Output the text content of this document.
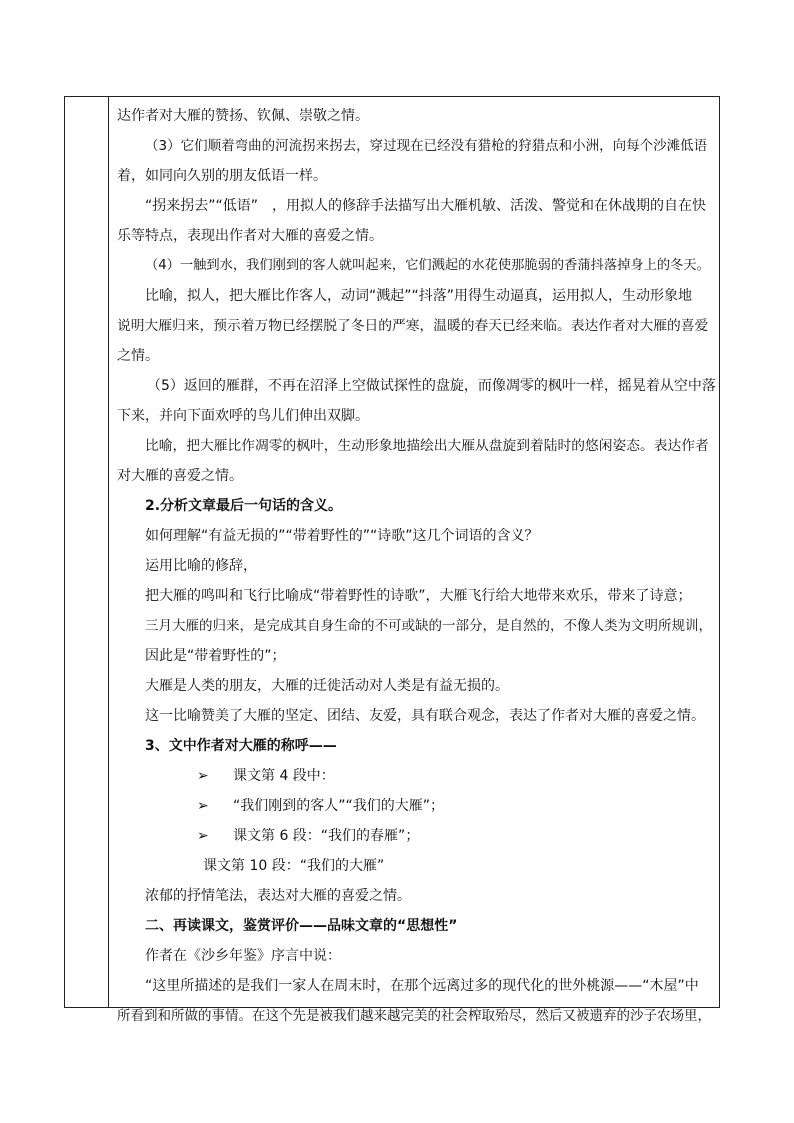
达作者对大雁的赞扬、钦佩、崇敬之情。

（3）它们顺着弯曲的河流拐来拐去，穿过现在已经没有猎枪的狩猎点和小洲，向每个沙滩低语

着，如同向久别的朋友低语一样。

“拐来拐去”“低语”　，用拟人的修辞手法描写出大雁机敏、活泼、警觉和在休战期的自在快

乐等特点，表现出作者对大雁的喜爱之情。

（4）一触到水，我们刚到的客人就叫起来，它们溅起的水花使那脆弱的香蒲抖落掉身上的冬天。

比喻，拟人，把大雁比作客人，动词“溅起”“抖落”用得生动逼真，运用拟人，生动形象地

说明大雁归来，预示着万物已经摆脱了冬日的严寒，温暖的春天已经来临。表达作者对大雁的喜爱

之情。

（5）返回的雁群，不再在沼泽上空做试探性的盘旋，而像凋零的枫叶一样，摇晃着从空中落

下来，并向下面欢呼的鸟儿们伸出双脚。

比喻，把大雁比作凋零的枫叶，生动形象地描绘出大雁从盘旋到着陆时的悠闲姿态。表达作者

对大雁的喜爱之情。

2.分析文章最后一句话的含义。

如何理解“有益无损的”“带着野性的”“诗歌”这几个词语的含义？

运用比喻的修辞，

把大雁的鸣叫和飞行比喻成“带着野性的诗歌”，大雁飞行给大地带来欢乐，带来了诗意；

三月大雁的归来，是完成其自身生命的不可或缺的一部分，是自然的，不像人类为文明所规训，

因此是“带着野性的”；

大雁是人类的朋友，大雁的迁徙活动对人类是有益无损的。

这一比喻赞美了大雁的坚定、团结、友爱，具有联合观念，表达了作者对大雁的喜爱之情。

3、文中作者对大雁的称呼——

➢ 课文第 4 段中：

➢ “我们刚到的客人”“我们的大雁”；

➢ 课文第 6 段：“我们的春雁”；

课文第 10 段：“我们的大雁”

浓郁的抒情笔法，表达对大雁的喜爱之情。

二、再读课文，鉴赏评价——品味文章的“思想性”

作者在《沙乡年鉴》序言中说：

“这里所描述的是我们一家人在周末时，在那个远离过多的现代化的世外桃源——“木屋”中

所看到和所做的事情。在这个先是被我们越来越完美的社会榨取殆尽，然后又被遗弃的沙子农场里，
